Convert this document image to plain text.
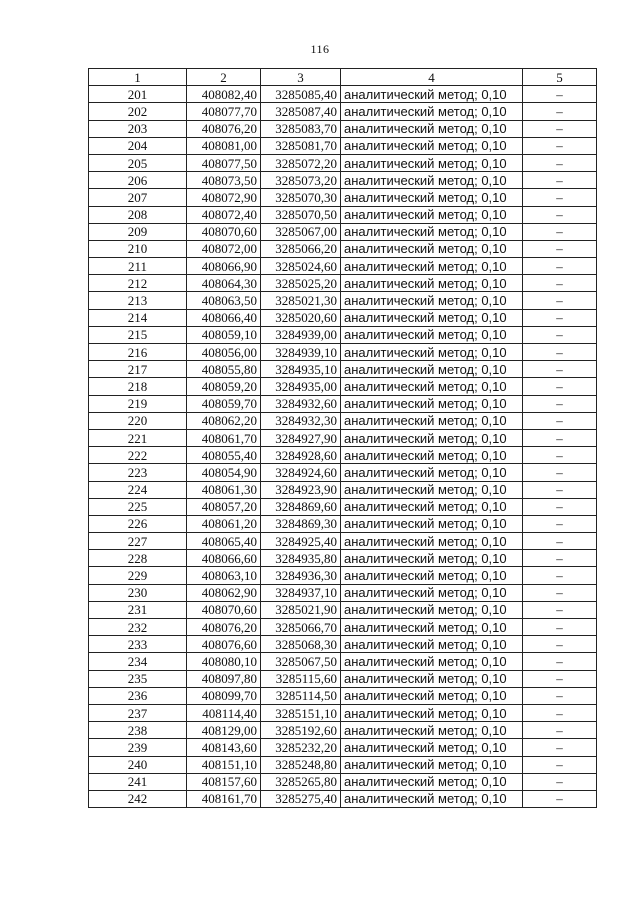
116
1	2	3	4	5
201	408082,40	3285085,40	аналитический метод; 0,10	–
202	408077,70	3285087,40	аналитический метод; 0,10	–
203	408076,20	3285083,70	аналитический метод; 0,10	–
204	408081,00	3285081,70	аналитический метод; 0,10	–
205	408077,50	3285072,20	аналитический метод; 0,10	–
206	408073,50	3285073,20	аналитический метод; 0,10	–
207	408072,90	3285070,30	аналитический метод; 0,10	–
208	408072,40	3285070,50	аналитический метод; 0,10	–
209	408070,60	3285067,00	аналитический метод; 0,10	–
210	408072,00	3285066,20	аналитический метод; 0,10	–
211	408066,90	3285024,60	аналитический метод; 0,10	–
212	408064,30	3285025,20	аналитический метод; 0,10	–
213	408063,50	3285021,30	аналитический метод; 0,10	–
214	408066,40	3285020,60	аналитический метод; 0,10	–
215	408059,10	3284939,00	аналитический метод; 0,10	–
216	408056,00	3284939,10	аналитический метод; 0,10	–
217	408055,80	3284935,10	аналитический метод; 0,10	–
218	408059,20	3284935,00	аналитический метод; 0,10	–
219	408059,70	3284932,60	аналитический метод; 0,10	–
220	408062,20	3284932,30	аналитический метод; 0,10	–
221	408061,70	3284927,90	аналитический метод; 0,10	–
222	408055,40	3284928,60	аналитический метод; 0,10	–
223	408054,90	3284924,60	аналитический метод; 0,10	–
224	408061,30	3284923,90	аналитический метод; 0,10	–
225	408057,20	3284869,60	аналитический метод; 0,10	–
226	408061,20	3284869,30	аналитический метод; 0,10	–
227	408065,40	3284925,40	аналитический метод; 0,10	–
228	408066,60	3284935,80	аналитический метод; 0,10	–
229	408063,10	3284936,30	аналитический метод; 0,10	–
230	408062,90	3284937,10	аналитический метод; 0,10	–
231	408070,60	3285021,90	аналитический метод; 0,10	–
232	408076,20	3285066,70	аналитический метод; 0,10	–
233	408076,60	3285068,30	аналитический метод; 0,10	–
234	408080,10	3285067,50	аналитический метод; 0,10	–
235	408097,80	3285115,60	аналитический метод; 0,10	–
236	408099,70	3285114,50	аналитический метод; 0,10	–
237	408114,40	3285151,10	аналитический метод; 0,10	–
238	408129,00	3285192,60	аналитический метод; 0,10	–
239	408143,60	3285232,20	аналитический метод; 0,10	–
240	408151,10	3285248,80	аналитический метод; 0,10	–
241	408157,60	3285265,80	аналитический метод; 0,10	–
242	408161,70	3285275,40	аналитический метод; 0,10	–
